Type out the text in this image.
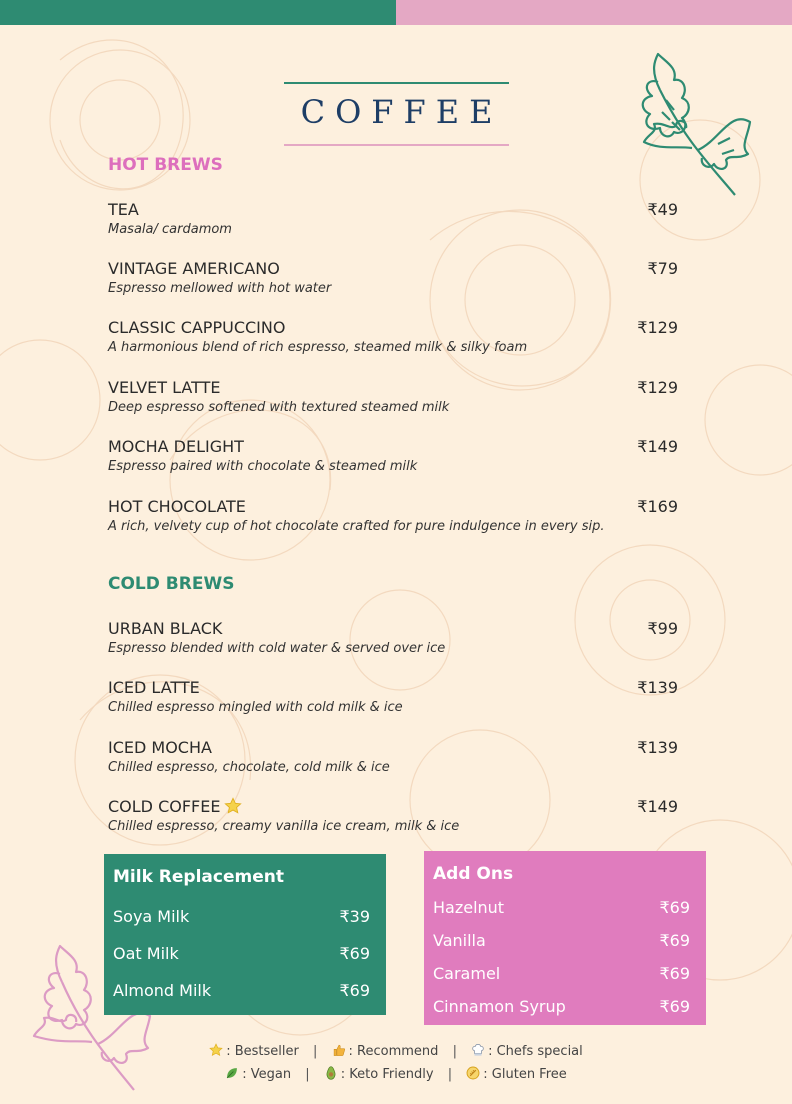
COFFEE
HOT BREWS
TEA
Masala/ cardamom
₹49
VINTAGE AMERICANO
Espresso mellowed with hot water
₹79
CLASSIC CAPPUCCINO
A harmonious blend of rich espresso, steamed milk & silky foam
₹129
VELVET LATTE
Deep espresso softened with textured steamed milk
₹129
MOCHA DELIGHT
Espresso paired with chocolate & steamed milk
₹149
HOT CHOCOLATE
A rich, velvety cup of hot chocolate crafted for pure indulgence in every sip.
₹169
COLD BREWS
URBAN BLACK
Espresso blended with cold water & served over ice
₹99
ICED LATTE
Chilled espresso mingled with cold milk & ice
₹139
ICED MOCHA
Chilled espresso, chocolate, cold milk & ice
₹139
COLD COFFEE
Chilled espresso, creamy vanilla ice cream, milk & ice
₹149
Milk Replacement
Soya Milk	₹39
Oat Milk	₹69
Almond Milk	₹69
Add Ons
Hazelnut	₹69
Vanilla	₹69
Caramel	₹69
Cinnamon Syrup	₹69
: Bestseller | : Recommend | : Chefs special
: Vegan | : Keto Friendly | : Gluten Free
